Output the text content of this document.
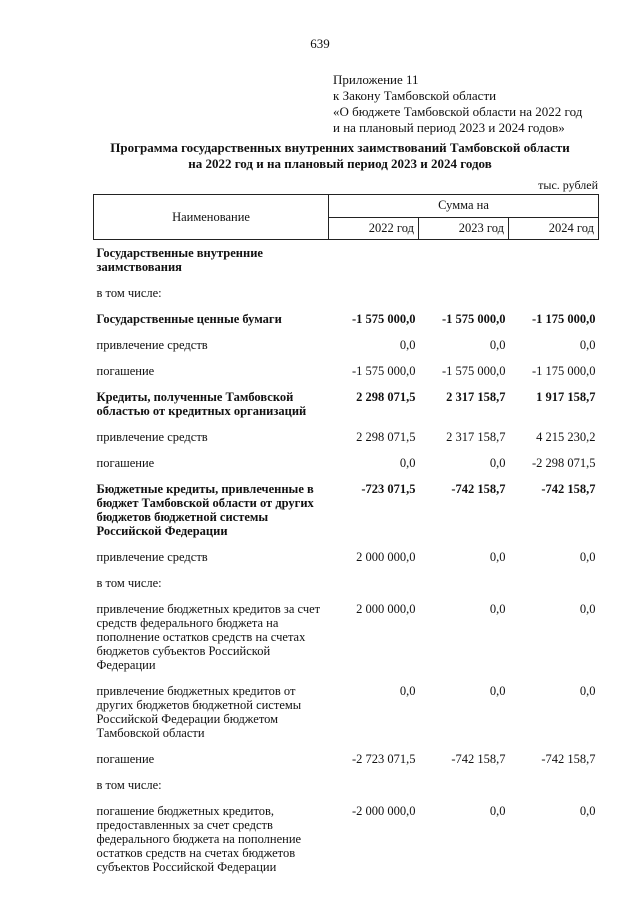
639
Приложение 11
к Закону Тамбовской области
«О бюджете Тамбовской области на 2022 год
и на плановый период 2023 и 2024 годов»
Программа государственных внутренних заимствований Тамбовской области
на 2022 год и на плановый период 2023 и 2024 годов
тыс. рублей
Наименование	Сумма на		
	2022 год	2023 год	2024 год
Государственные внутренние заимствования			
в том числе:			
Государственные ценные бумаги	-1 575 000,0	-1 575 000,0	-1 175 000,0
привлечение средств	0,0	0,0	0,0
погашение	-1 575 000,0	-1 575 000,0	-1 175 000,0
Кредиты, полученные Тамбовской областью от кредитных организаций	2 298 071,5	2 317 158,7	1 917 158,7
привлечение средств	2 298 071,5	2 317 158,7	4 215 230,2
погашение	0,0	0,0	-2 298 071,5
Бюджетные кредиты, привлеченные в бюджет Тамбовской области от других бюджетов бюджетной системы Российской Федерации	-723 071,5	-742 158,7	-742 158,7
привлечение средств	2 000 000,0	0,0	0,0
в том числе:			
привлечение бюджетных кредитов за счет средств федерального бюджета на пополнение остатков средств на счетах бюджетов субъектов Российской Федерации	2 000 000,0	0,0	0,0
привлечение бюджетных кредитов от других бюджетов бюджетной системы Российской Федерации бюджетом Тамбовской области	0,0	0,0	0,0
погашение	-2 723 071,5	-742 158,7	-742 158,7
в том числе:			
погашение бюджетных кредитов, предоставленных за счет средств федерального бюджета на пополнение остатков средств на счетах бюджетов субъектов Российской Федерации	-2 000 000,0	0,0	0,0
